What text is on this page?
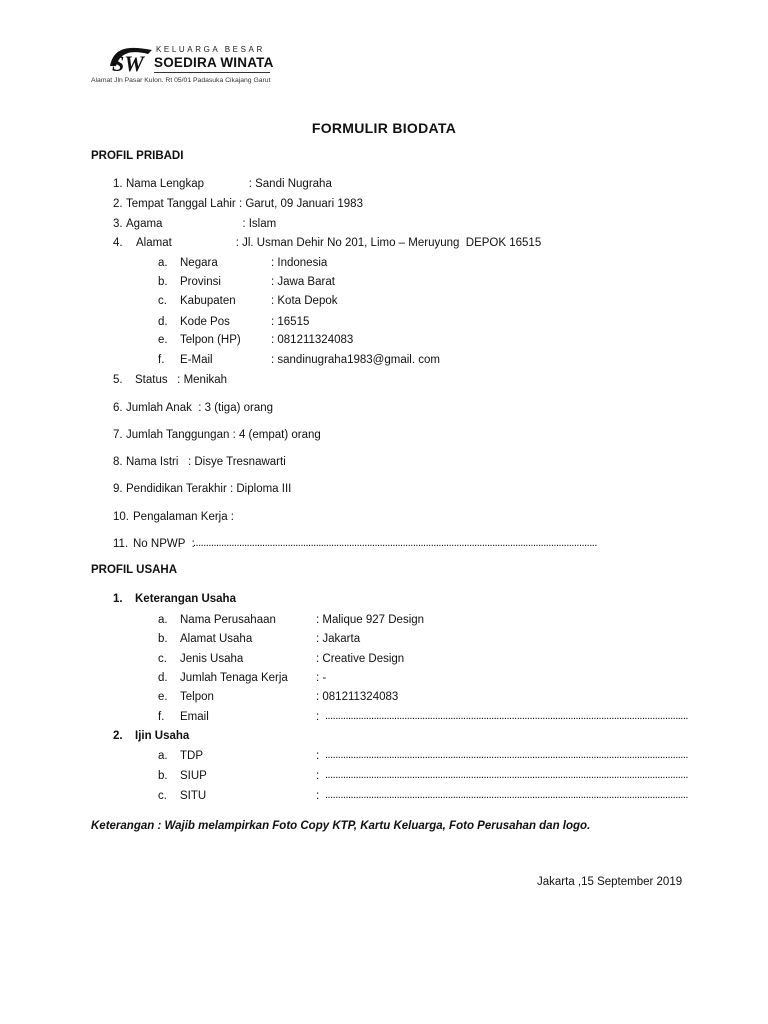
SW
KELUARGA BESAR
SOEDIRA WINATA
Alamat Jln Pasar Kulon. Rt 05/01 Padasuka Cikajang Garut
FORMULIR BIODATA
PROFIL PRIBADI
1. Nama Lengkap              : Sandi Nugraha
2. Tempat Tanggal Lahir : Garut, 09 Januari 1983
3. Agama                         : Islam
4. Alamat                    : Jl. Usman Dehir No 201, Limo – Meruyung  DEPOK 16515
a. Negara	: Indonesia
b. Provinsi	: Jawa Barat
c. Kabupaten	: Kota Depok
d. Kode Pos	: 16515
e. Telpon (HP)	: 081211324083
f. E-Mail	: sandinugraha1983@gmail. com
5. Status   : Menikah
6. Jumlah Anak  : 3 (tiga) orang
7. Jumlah Tanggungan : 4 (empat) orang
8. Nama Istri   : Disye Tresnawarti
9. Pendidikan Terakhir : Diploma III
10. Pengalaman Kerja :
11. No NPWP  :
..............................................................................................................................................................
PROFIL USAHA
1. Keterangan Usaha
a. Nama Perusahaan	: Malique 927 Design
b. Alamat Usaha	: Jakarta
c. Jenis Usaha	: Creative Design
d. Jumlah Tenaga Kerja : -
e. Telpon	: 081211324083
f. Email	: ..............................................................................................................................................
2. Ijin Usaha
a. TDP	: ..............................................................................................................................................
b. SIUP	: ..............................................................................................................................................
c. SITU	: ..............................................................................................................................................
Keterangan : Wajib melampirkan Foto Copy KTP, Kartu Keluarga, Foto Perusahan dan logo.
Jakarta ,15 September 2019
